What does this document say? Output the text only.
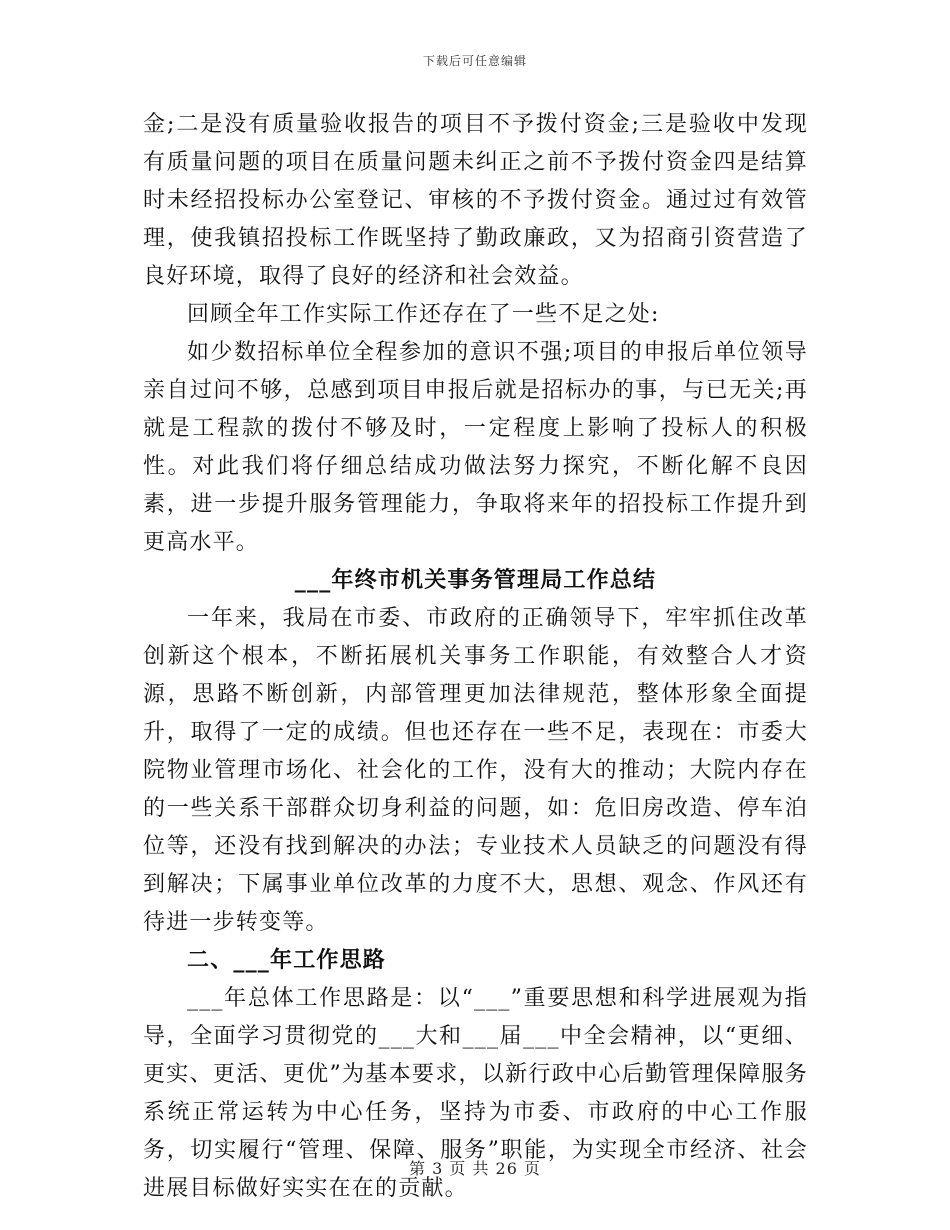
下载后可任意编辑

金;二是没有质量验收报告的项目不予拨付资金;三是验收中发现有质量问题的项目在质量问题未纠正之前不予拨付资金四是结算时未经招投标办公室登记、审核的不予拨付资金。通过过有效管理，使我镇招投标工作既坚持了勤政廉政，又为招商引资营造了良好环境，取得了良好的经济和社会效益。

回顾全年工作实际工作还存在了一些不足之处:

如少数招标单位全程参加的意识不强;项目的申报后单位领导亲自过问不够，总感到项目申报后就是招标办的事，与已无关;再就是工程款的拨付不够及时，一定程度上影响了投标人的积极性。对此我们将仔细总结成功做法努力探究，不断化解不良因素，进一步提升服务管理能力，争取将来年的招投标工作提升到更高水平。

___年终市机关事务管理局工作总结

一年来，我局在市委、市政府的正确领导下，牢牢抓住改革创新这个根本，不断拓展机关事务工作职能，有效整合人才资源，思路不断创新，内部管理更加法律规范，整体形象全面提升，取得了一定的成绩。但也还存在一些不足，表现在：市委大院物业管理市场化、社会化的工作，没有大的推动；大院内存在的一些关系干部群众切身利益的问题，如：危旧房改造、停车泊位等，还没有找到解决的办法；专业技术人员缺乏的问题没有得到解决；下属事业单位改革的力度不大，思想、观念、作风还有待进一步转变等。

二、___年工作思路

___年总体工作思路是：以“___”重要思想和科学进展观为指导，全面学习贯彻党的___大和___届___中全会精神，以“更细、更实、更活、更优”为基本要求，以新行政中心后勤管理保障服务系统正常运转为中心任务，坚持为市委、市政府的中心工作服务，切实履行“管理、保障、服务”职能，为实现全市经济、社会进展目标做好实实在在的贡献。

第 3 页 共 26 页
